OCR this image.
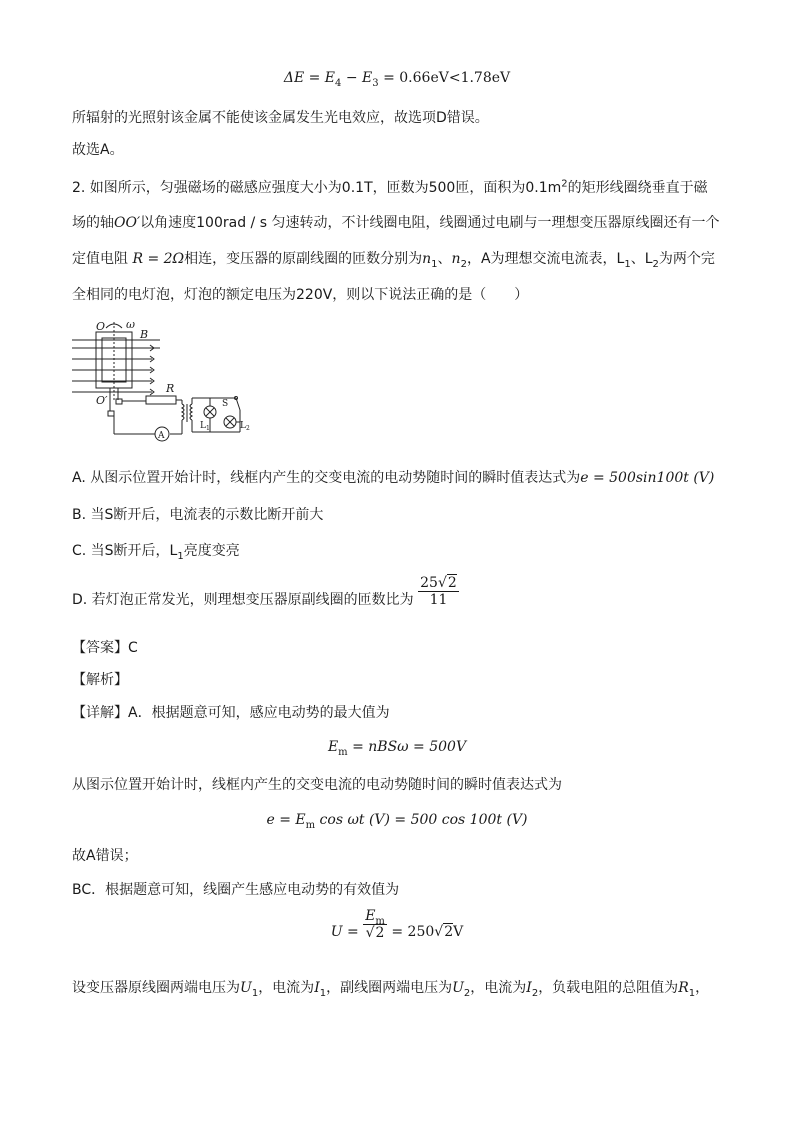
$\Delta E = E_4 - E_3 = 0.66eV<1.78eV$
所辐射的光照射该金属不能使该金属发生光电效应，故选项D错误。
故选A。
2. 如图所示，匀强磁场的磁感应强度大小为0.1T，匝数为500匝，面积为$0.1m^2$的矩形线圈绕垂直于磁
场的轴OO′以角速度100rad / s 匀速转动，不计线圈电阻，线圈通过电刷与一理想变压器原线圈还有一个
定值电阻 R = 2Ω相连，变压器的原副线圈的匝数分别为$n_1$、$n_2$，A为理想交流电流表，$L_1$、$L_2$为两个完
全相同的电灯泡，灯泡的额定电压为220V，则以下说法正确的是（　　）
O ω
B
O′
R
S
A
L 1	L 2
A. 从图示位置开始计时，线框内产生的交变电流的电动势随时间的瞬时值表达式为e = 500sin100t (V)
B. 当S断开后，电流表的示数比断开前大
C. 当S断开后，$L_1$亮度变亮
D. 若灯泡正常发光，则理想变压器原副线圈的匝数比为 $\frac{25√2}{11}$
【答案】C
【解析】
【详解】A．根据题意可知，感应电动势的最大值为
$E_m = nBS\omega = 500V$
从图示位置开始计时，线框内产生的交变电流的电动势随时间的瞬时值表达式为
$e = E_m$ cos ωt (V) = 500 cos 100t (V)
故A错误；
BC．根据题意可知，线圈产生感应电动势的有效值为
$U = \frac{E_m}{√2} = 250√2V$
设变压器原线圈两端电压为$U_1$，电流为$I_1$，副线圈两端电压为$U_2$，电流为$I_2$，负载电阻的总阻值为$R_1$，
